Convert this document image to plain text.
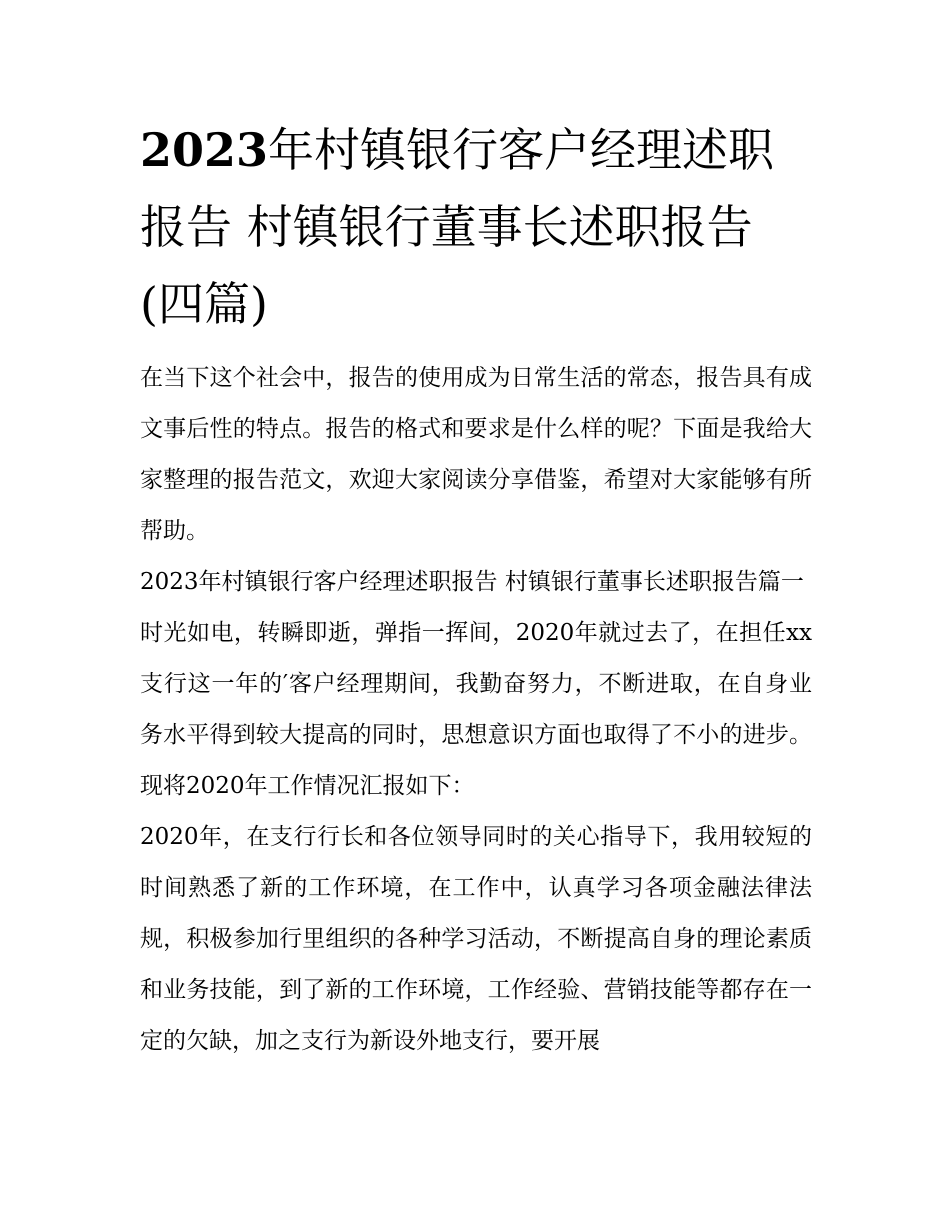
2023年村镇银行客户经理述职报告 村镇银行董事长述职报告(四篇)

在当下这个社会中，报告的使用成为日常生活的常态，报告具有成文事后性的特点。报告的格式和要求是什么样的呢？下面是我给大家整理的报告范文，欢迎大家阅读分享借鉴，希望对大家能够有所帮助。

2023年村镇银行客户经理述职报告 村镇银行董事长述职报告篇一

时光如电，转瞬即逝，弹指一挥间，2020年就过去了，在担任xx支行这一年的′客户经理期间，我勤奋努力，不断进取，在自身业务水平得到较大提高的同时，思想意识方面也取得了不小的进步。现将2020年工作情况汇报如下：

2020年，在支行行长和各位领导同时的关心指导下，我用较短的时间熟悉了新的工作环境，在工作中，认真学习各项金融法律法规，积极参加行里组织的各种学习活动，不断提高自身的理论素质和业务技能，到了新的工作环境，工作经验、营销技能等都存在一定的欠缺，加之支行为新设外地支行，要开展
